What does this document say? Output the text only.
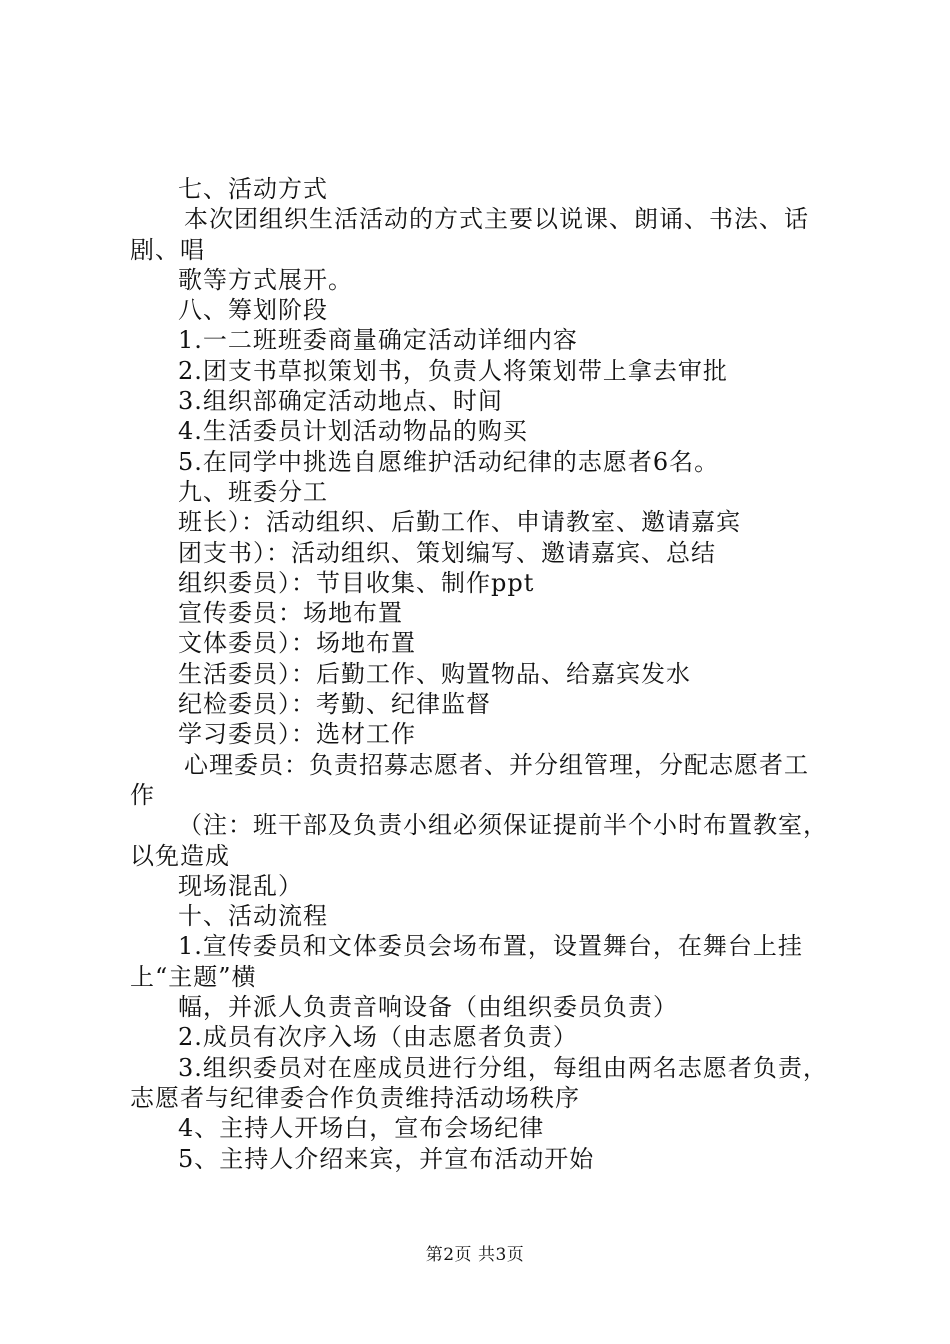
七、活动方式
本次团组织生活活动的方式主要以说课、朗诵、书法、话
剧、唱
歌等方式展开。
八、筹划阶段
1.一二班班委商量确定活动详细内容
2.团支书草拟策划书，负责人将策划带上拿去审批
3.组织部确定活动地点、时间
4.生活委员计划活动物品的购买
5.在同学中挑选自愿维护活动纪律的志愿者6名。
九、班委分工
班长）：活动组织、后勤工作、申请教室、邀请嘉宾
团支书）：活动组织、策划编写、邀请嘉宾、总结
组织委员）：节目收集、制作ppt
宣传委员：场地布置
文体委员）：场地布置
生活委员）：后勤工作、购置物品、给嘉宾发水
纪检委员）：考勤、纪律监督
学习委员）：选材工作
心理委员：负责招募志愿者、并分组管理，分配志愿者工
作
（注：班干部及负责小组必须保证提前半个小时布置教室，
以免造成
现场混乱）
十、活动流程
1.宣传委员和文体委员会场布置，设置舞台，在舞台上挂
上“主题”横
幅，并派人负责音响设备（由组织委员负责）
2.成员有次序入场（由志愿者负责）
3.组织委员对在座成员进行分组，每组由两名志愿者负责，
志愿者与纪律委合作负责维持活动场秩序
4、主持人开场白，宣布会场纪律
5、主持人介绍来宾，并宣布活动开始
第2页 共3页
